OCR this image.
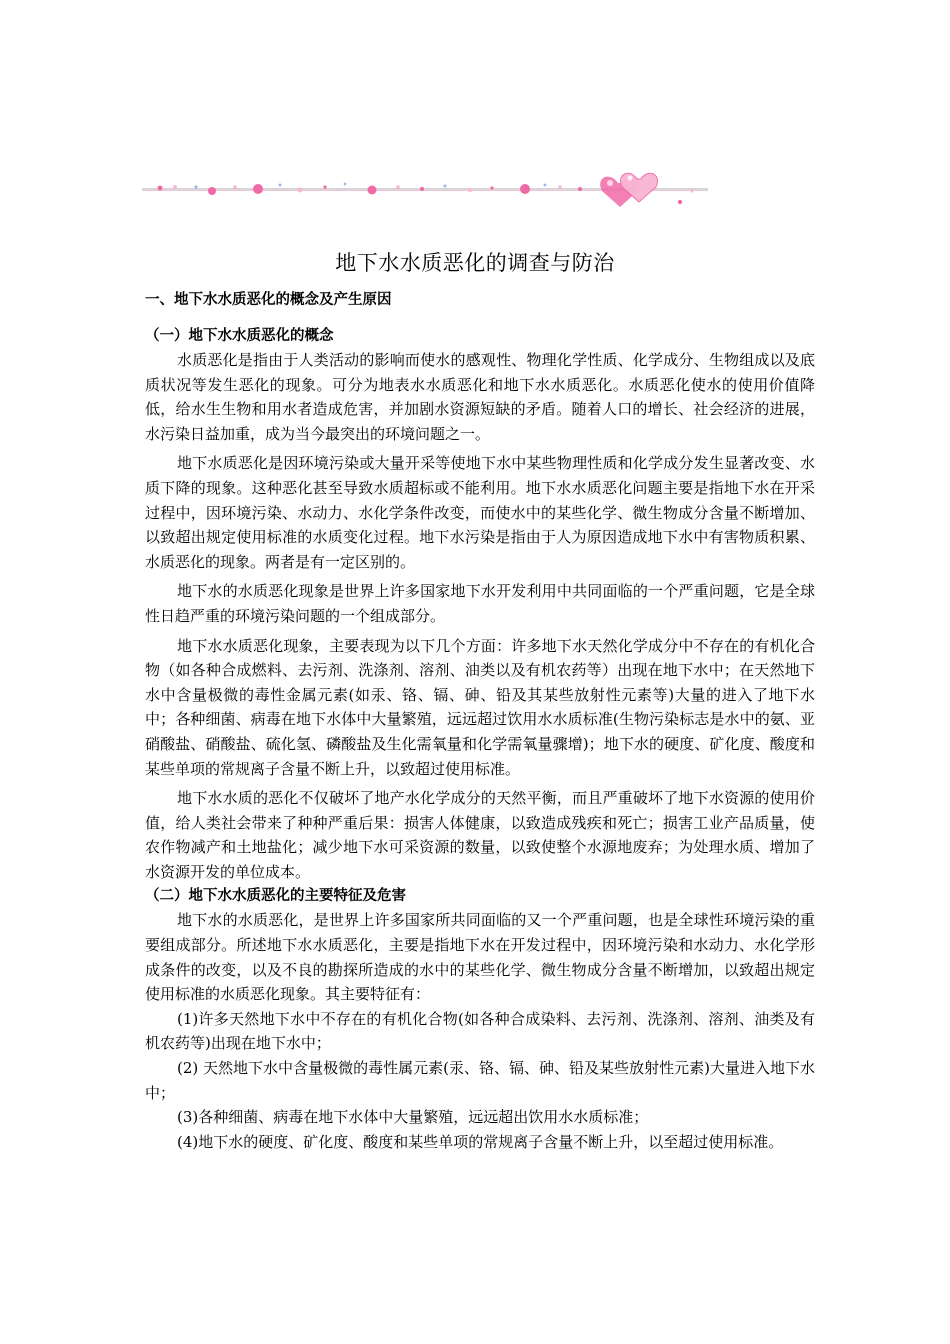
地下水水质恶化的调查与防治
一、地下水水质恶化的概念及产生原因
（一）地下水水质恶化的概念

水质恶化是指由于人类活动的影响而使水的感观性、物理化学性质、化学成分、生物组成以及底质状况等发生恶化的现象。可分为地表水水质恶化和地下水水质恶化。水质恶化使水的使用价值降低，给水生生物和用水者造成危害，并加剧水资源短缺的矛盾。随着人口的增长、社会经济的进展，水污染日益加重，成为当今最突出的环境问题之一。

地下水质恶化是因环境污染或大量开采等使地下水中某些物理性质和化学成分发生显著改变、水质下降的现象。这种恶化甚至导致水质超标或不能利用。地下水水质恶化问题主要是指地下水在开采过程中，因环境污染、水动力、水化学条件改变，而使水中的某些化学、微生物成分含量不断增加、以致超出规定使用标准的水质变化过程。地下水污染是指由于人为原因造成地下水中有害物质积累、水质恶化的现象。两者是有一定区别的。

地下水的水质恶化现象是世界上许多国家地下水开发利用中共同面临的一个严重问题，它是全球性日趋严重的环境污染问题的一个组成部分。

地下水水质恶化现象，主要表现为以下几个方面：许多地下水天然化学成分中不存在的有机化合物（如各种合成燃料、去污剂、洗涤剂、溶剂、油类以及有机农药等）出现在地下水中；在天然地下水中含量极微的毒性金属元素(如汞、铬、镉、砷、铅及其某些放射性元素等)大量的进入了地下水中；各种细菌、病毒在地下水体中大量繁殖，远远超过饮用水水质标准(生物污染标志是水中的氨、亚硝酸盐、硝酸盐、硫化氢、磷酸盐及生化需氧量和化学需氧量骤增)；地下水的硬度、矿化度、酸度和某些单项的常规离子含量不断上升，以致超过使用标准。

地下水水质的恶化不仅破坏了地产水化学成分的天然平衡，而且严重破坏了地下水资源的使用价值，给人类社会带来了种种严重后果：损害人体健康，以致造成残疾和死亡；损害工业产品质量，使农作物减产和土地盐化；减少地下水可采资源的数量，以致使整个水源地废弃；为处理水质、增加了水资源开发的单位成本。

（二）地下水水质恶化的主要特征及危害

地下水的水质恶化，是世界上许多国家所共同面临的又一个严重问题，也是全球性环境污染的重要组成部分。所述地下水水质恶化，主要是指地下水在开发过程中，因环境污染和水动力、水化学形成条件的改变，以及不良的勘探所造成的水中的某些化学、微生物成分含量不断增加，以致超出规定使用标准的水质恶化现象。其主要特征有：

(1)许多天然地下水中不存在的有机化合物(如各种合成染料、去污剂、洗涤剂、溶剂、油类及有机农药等)出现在地下水中；

(2) 天然地下水中含量极微的毒性属元素(汞、铬、镉、砷、铅及某些放射性元素)大量进入地下水中；

(3)各种细菌、病毒在地下水体中大量繁殖，远远超出饮用水水质标准；

(4)地下水的硬度、矿化度、酸度和某些单项的常规离子含量不断上升，以至超过使用标准。
